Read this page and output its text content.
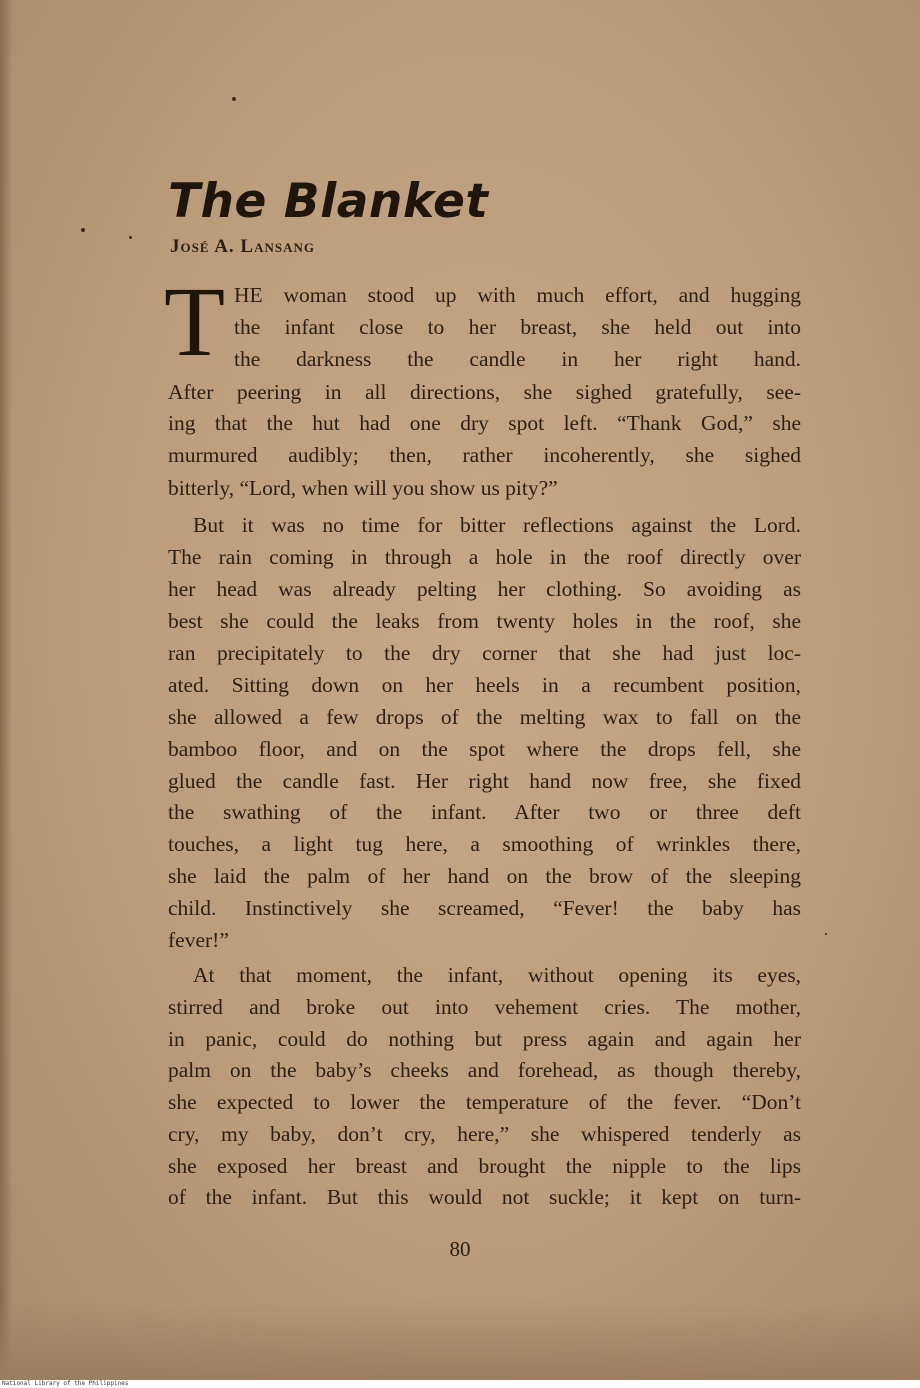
The Blanket
José A. Lansang
T HE woman stood up with much effort, and hugging
the infant close to her breast, she held out into
the darkness the candle in her right hand.
After peering in all directions, she sighed gratefully, see-
ing that the hut had one dry spot left. “Thank God,” she
murmured audibly; then, rather incoherently, she sighed
bitterly, “Lord, when will you show us pity?”
But it was no time for bitter reflections against the Lord.
The rain coming in through a hole in the roof directly over
her head was already pelting her clothing. So avoiding as
best she could the leaks from twenty holes in the roof, she
ran precipitately to the dry corner that she had just loc-
ated. Sitting down on her heels in a recumbent position,
she allowed a few drops of the melting wax to fall on the
bamboo floor, and on the spot where the drops fell, she
glued the candle fast. Her right hand now free, she fixed
the swathing of the infant. After two or three deft
touches, a light tug here, a smoothing of wrinkles there,
she laid the palm of her hand on the brow of the sleeping
child. Instinctively she screamed, “Fever! the baby has
fever!”
At that moment, the infant, without opening its eyes,
stirred and broke out into vehement cries. The mother,
in panic, could do nothing but press again and again her
palm on the baby’s cheeks and forehead, as though thereby,
she expected to lower the temperature of the fever. “Don’t
cry, my baby, don’t cry, here,” she whispered tenderly as
she exposed her breast and brought the nipple to the lips
of the infant. But this would not suckle; it kept on turn-
80
National Library of the Philippines
